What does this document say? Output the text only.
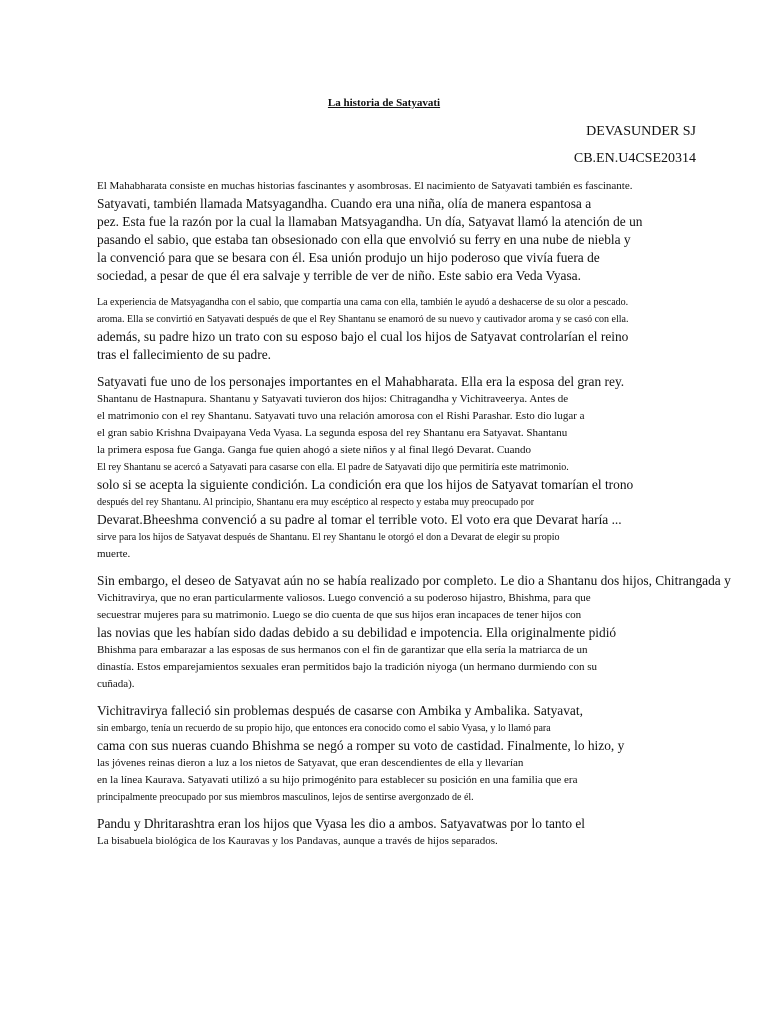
La historia de Satyavati
DEVASUNDER SJ
CB.EN.U4CSE20314
El Mahabharata consiste en muchas historias fascinantes y asombrosas. El nacimiento de Satyavati también es fascinante.
Satyavati, también llamada Matsyagandha. Cuando era una niña, olía de manera espantosa a
pez. Esta fue la razón por la cual la llamaban Matsyagandha. Un día, Satyavat llamó la atención de un
pasando el sabio, que estaba tan obsesionado con ella que envolvió su ferry en una nube de niebla y
la convenció para que se besara con él. Esa unión produjo un hijo poderoso que vivía fuera de
sociedad, a pesar de que él era salvaje y terrible de ver de niño. Este sabio era Veda Vyasa.
La experiencia de Matsyagandha con el sabio, que compartía una cama con ella, también le ayudó a deshacerse de su olor a pescado.
aroma. Ella se convirtió en Satyavati después de que el Rey Shantanu se enamoró de su nuevo y cautivador aroma y se casó con ella.
además, su padre hizo un trato con su esposo bajo el cual los hijos de Satyavat controlarían el reino
tras el fallecimiento de su padre.
Satyavati fue uno de los personajes importantes en el Mahabharata. Ella era la esposa del gran rey.
Shantanu de Hastnapura. Shantanu y Satyavati tuvieron dos hijos: Chitragandha y Vichitraveerya. Antes de
el matrimonio con el rey Shantanu. Satyavati tuvo una relación amorosa con el Rishi Parashar. Esto dio lugar a
el gran sabio Krishna Dvaipayana Veda Vyasa. La segunda esposa del rey Shantanu era Satyavat. Shantanu
la primera esposa fue Ganga. Ganga fue quien ahogó a siete niños y al final llegó Devarat. Cuando
El rey Shantanu se acercó a Satyavati para casarse con ella. El padre de Satyavati dijo que permitiría este matrimonio.
solo si se acepta la siguiente condición. La condición era que los hijos de Satyavat tomarían el trono
después del rey Shantanu. Al principio, Shantanu era muy escéptico al respecto y estaba muy preocupado por
Devarat.Bheeshma convenció a su padre al tomar el terrible voto. El voto era que Devarat haría ...
sirve para los hijos de Satyavat después de Shantanu. El rey Shantanu le otorgó el don a Devarat de elegir su propio
muerte.
Sin embargo, el deseo de Satyavat aún no se había realizado por completo. Le dio a Shantanu dos hijos, Chitrangada y
Vichitravirya, que no eran particularmente valiosos. Luego convenció a su poderoso hijastro, Bhishma, para que
secuestrar mujeres para su matrimonio. Luego se dio cuenta de que sus hijos eran incapaces de tener hijos con
las novias que les habían sido dadas debido a su debilidad e impotencia. Ella originalmente pidió
Bhishma para embarazar a las esposas de sus hermanos con el fin de garantizar que ella sería la matriarca de un
dinastía. Estos emparejamientos sexuales eran permitidos bajo la tradición niyoga (un hermano durmiendo con su
cuñada).
Vichitravirya falleció sin problemas después de casarse con Ambika y Ambalika. Satyavat,
sin embargo, tenía un recuerdo de su propio hijo, que entonces era conocido como el sabio Vyasa, y lo llamó para
cama con sus nueras cuando Bhishma se negó a romper su voto de castidad. Finalmente, lo hizo, y
las jóvenes reinas dieron a luz a los nietos de Satyavat, que eran descendientes de ella y llevarían
en la línea Kaurava. Satyavati utilizó a su hijo primogénito para establecer su posición en una familia que era
principalmente preocupado por sus miembros masculinos, lejos de sentirse avergonzado de él.
Pandu y Dhritarashtra eran los hijos que Vyasa les dio a ambos. Satyavatwas por lo tanto el
La bisabuela biológica de los Kauravas y los Pandavas, aunque a través de hijos separados.
